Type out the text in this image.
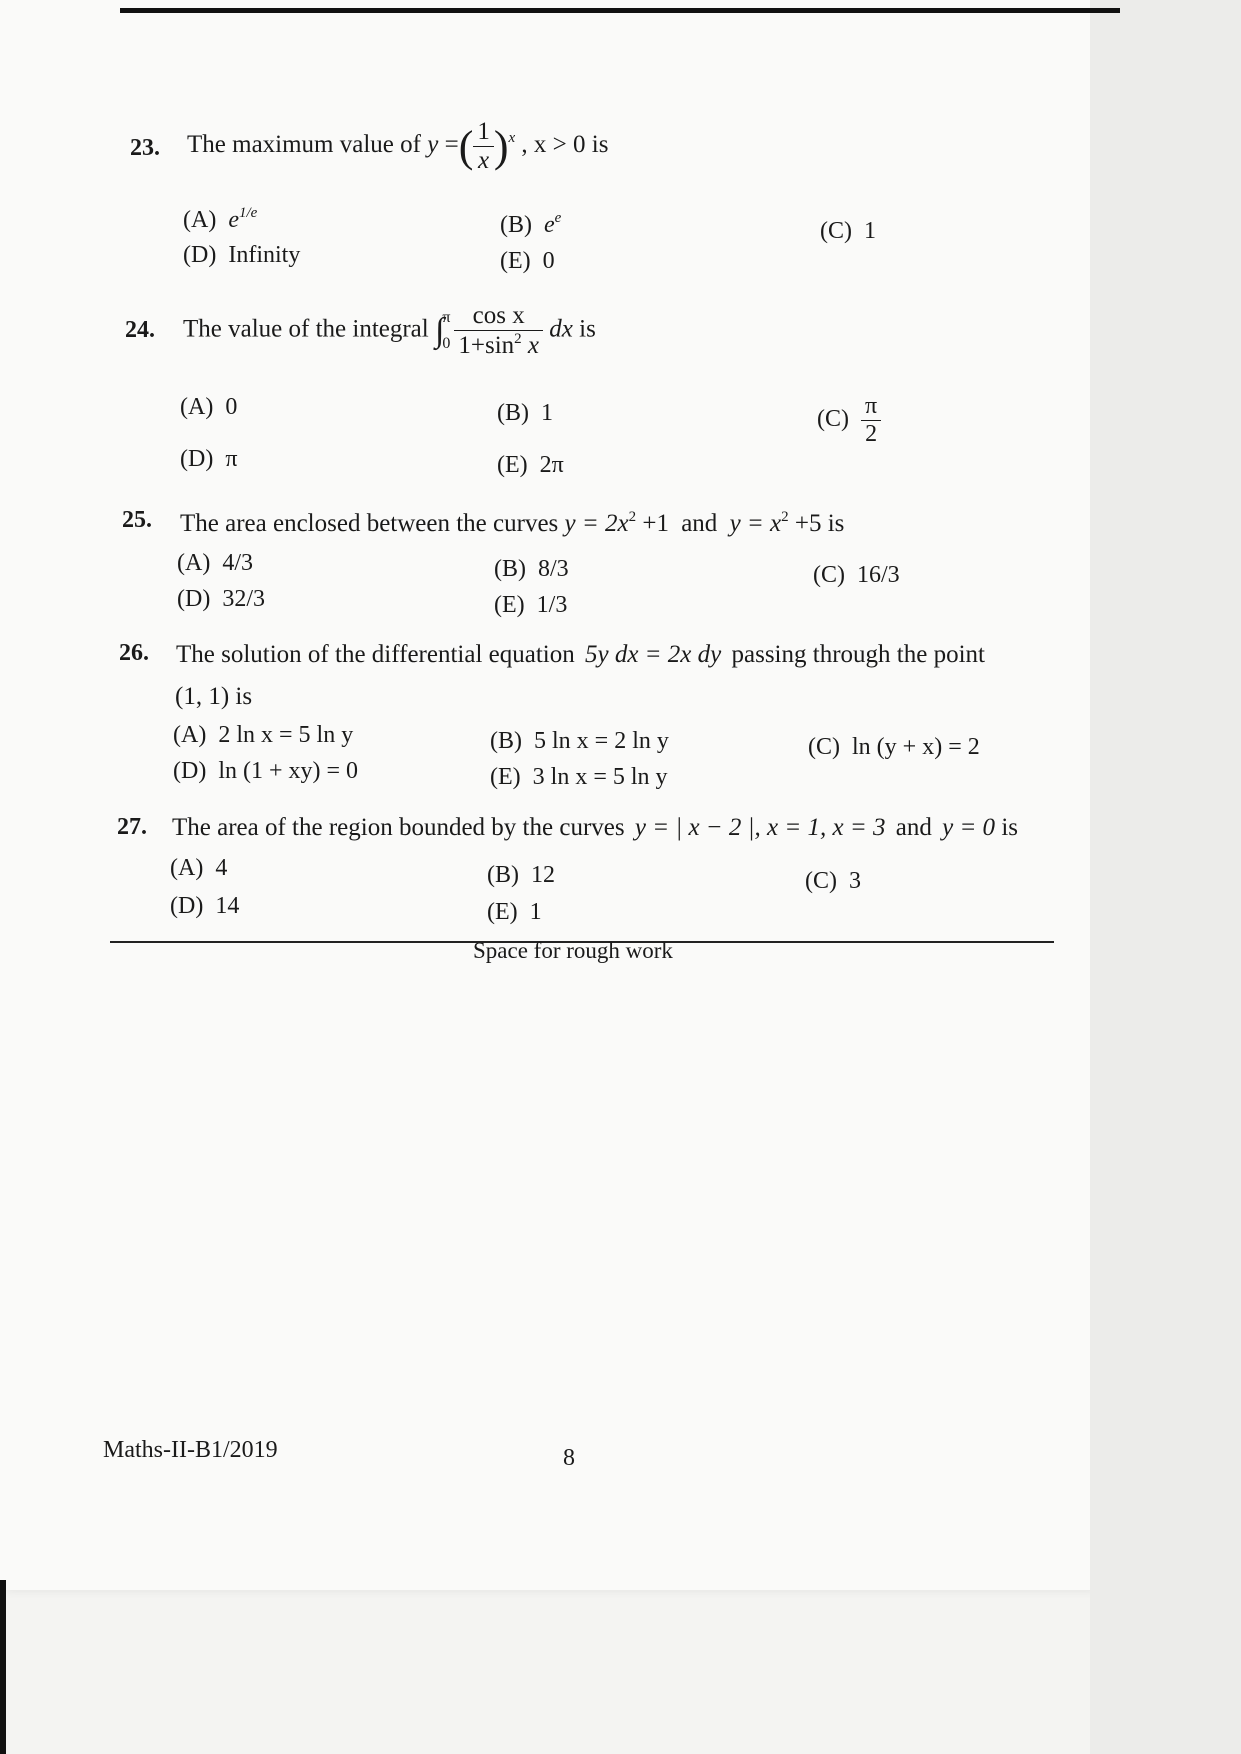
23. The maximum value of y =( $\frac{1}{x} )^x$ , x > 0 is
(A) $e^{1/e}$	(B) $e^e$	(C) 1
(D) Infinity	(E) 0
24. The value of the integral ∫π
$0 \frac{\text{cos x}}{1+\sin^2 x}$ dx is
(A) 0	(B) 1	$(C) \frac{\pi}{2}$
(D) π	(E) 2π
25. The area enclosed between the curves $y = 2x^2 +1$ and $y = x^2 +5$ is
(A) 4/3	(B) 8/3	(C) 16/3
(D) 32/3	(E) 1/3
26. The solution of the differential equation 5y dx = 2x dy passing through the point
(1, 1) is
(A) 2 ln x = 5 ln y	(B) 5 ln x = 2 ln y	(C) ln (y + x) = 2
(D) ln (1 + xy) = 0	(E) 3 ln x = 5 ln y
27. The area of the region bounded by the curves y = | x − 2 |, x = 1, x = 3 and y = 0 is
(A) 4	(B) 12	(C) 3
(D) 14	(E) 1
Space for rough work
Maths-II-B1/2019	8
